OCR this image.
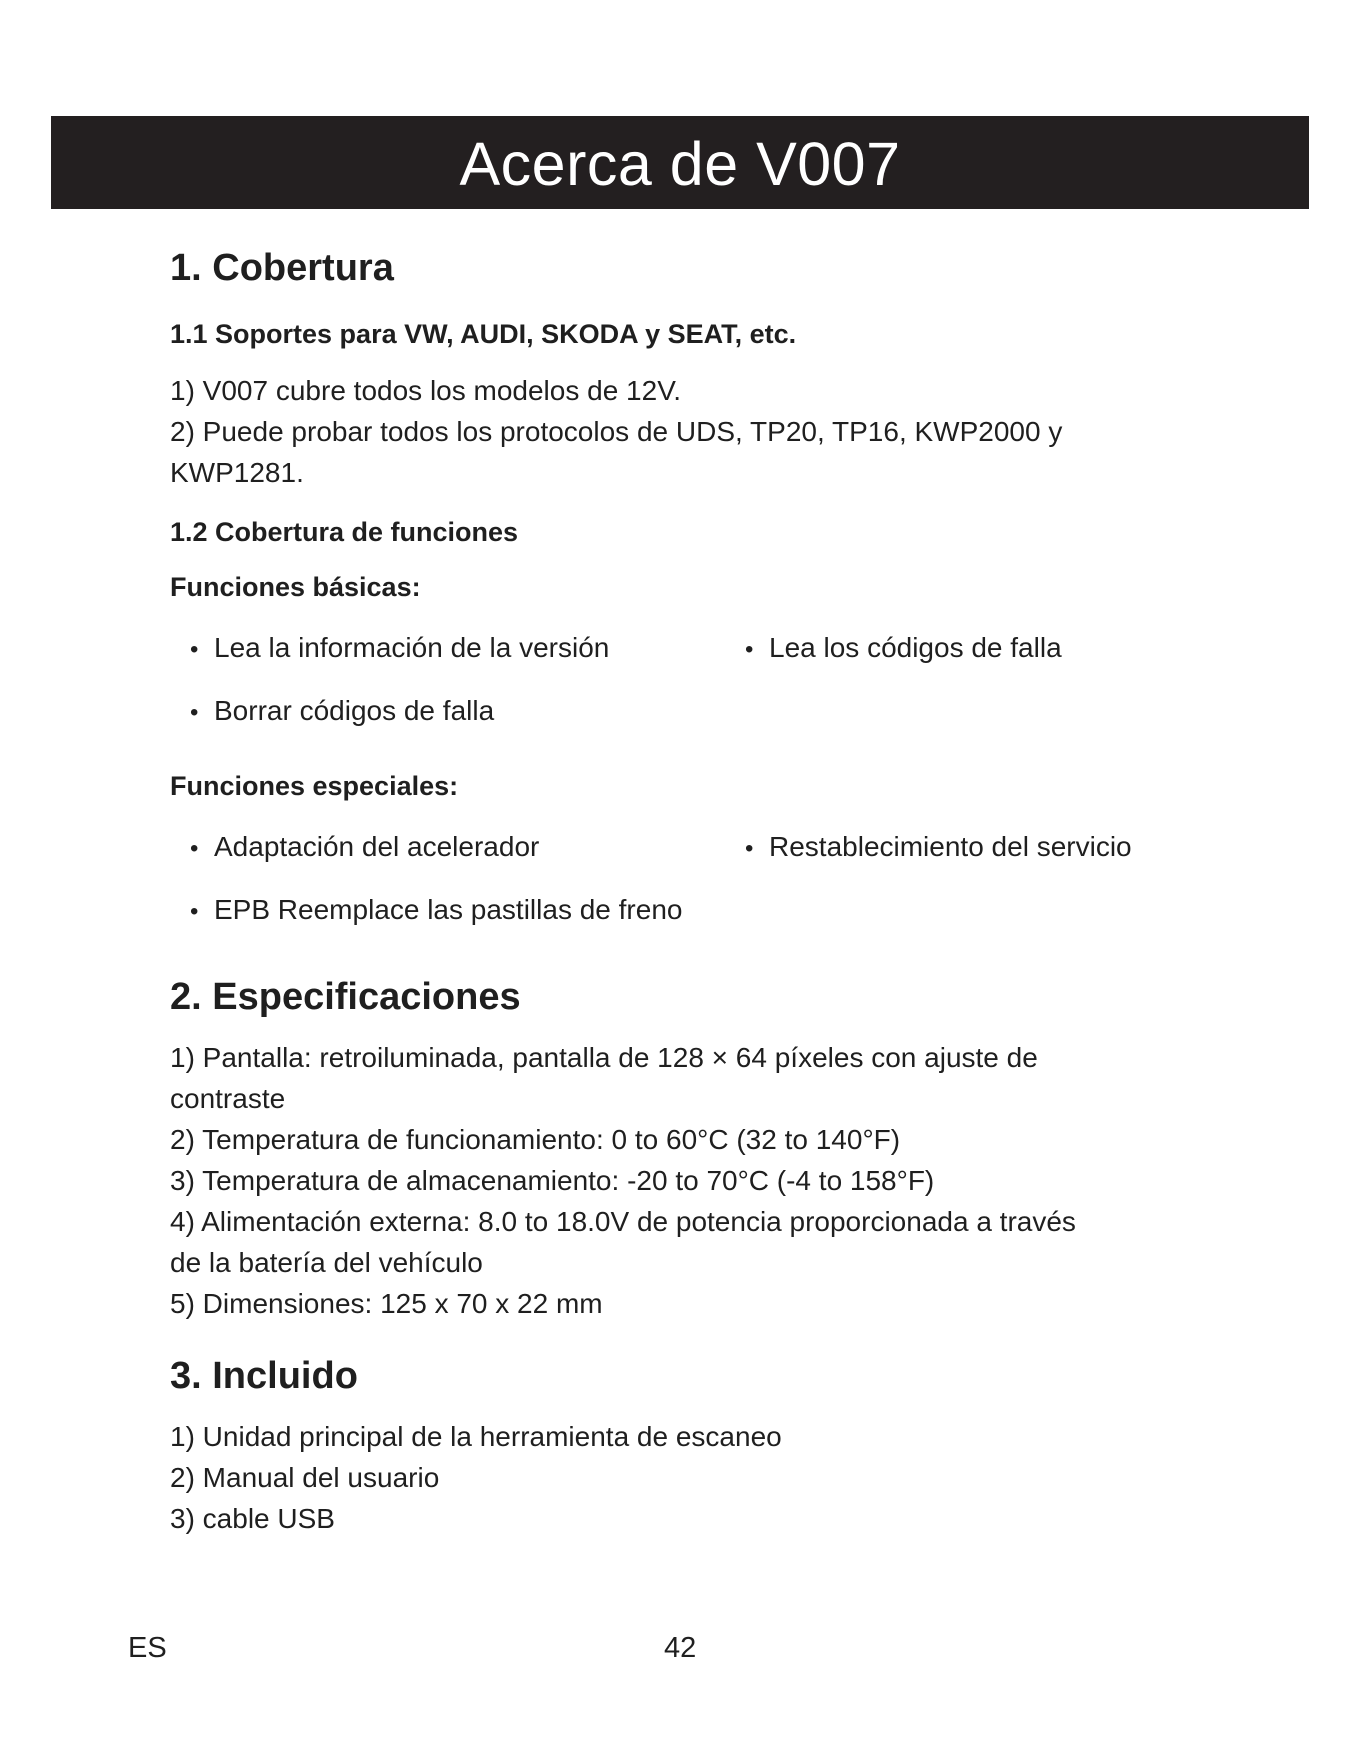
Acerca de V007
1. Cobertura
1.1 Soportes para VW, AUDI, SKODA y SEAT, etc.

1) V007 cubre todos los modelos de 12V.

2) Puede probar todos los protocolos de UDS, TP20, TP16, KWP2000 y

KWP1281.

1.2 Cobertura de funciones
Funciones básicas:
• Lea la información de la versión	• Lea los códigos de falla
• Borrar códigos de falla
Funciones especiales:
• Adaptación del acelerador	• Restablecimiento del servicio
• EPB Reemplace las pastillas de freno
2. Especificaciones

1) Pantalla: retroiluminada, pantalla de 128 × 64 píxeles con ajuste de

contraste

2) Temperatura de funcionamiento: 0 to 60°C (32 to 140°F)

3) Temperatura de almacenamiento: -20 to 70°C (-4 to 158°F)

4) Alimentación externa: 8.0 to 18.0V de potencia proporcionada a través

de la batería del vehículo

5) Dimensiones: 125 x 70 x 22 mm

3. Incluido

1) Unidad principal de la herramienta de escaneo

2) Manual del usuario

3) cable USB

ES	42
